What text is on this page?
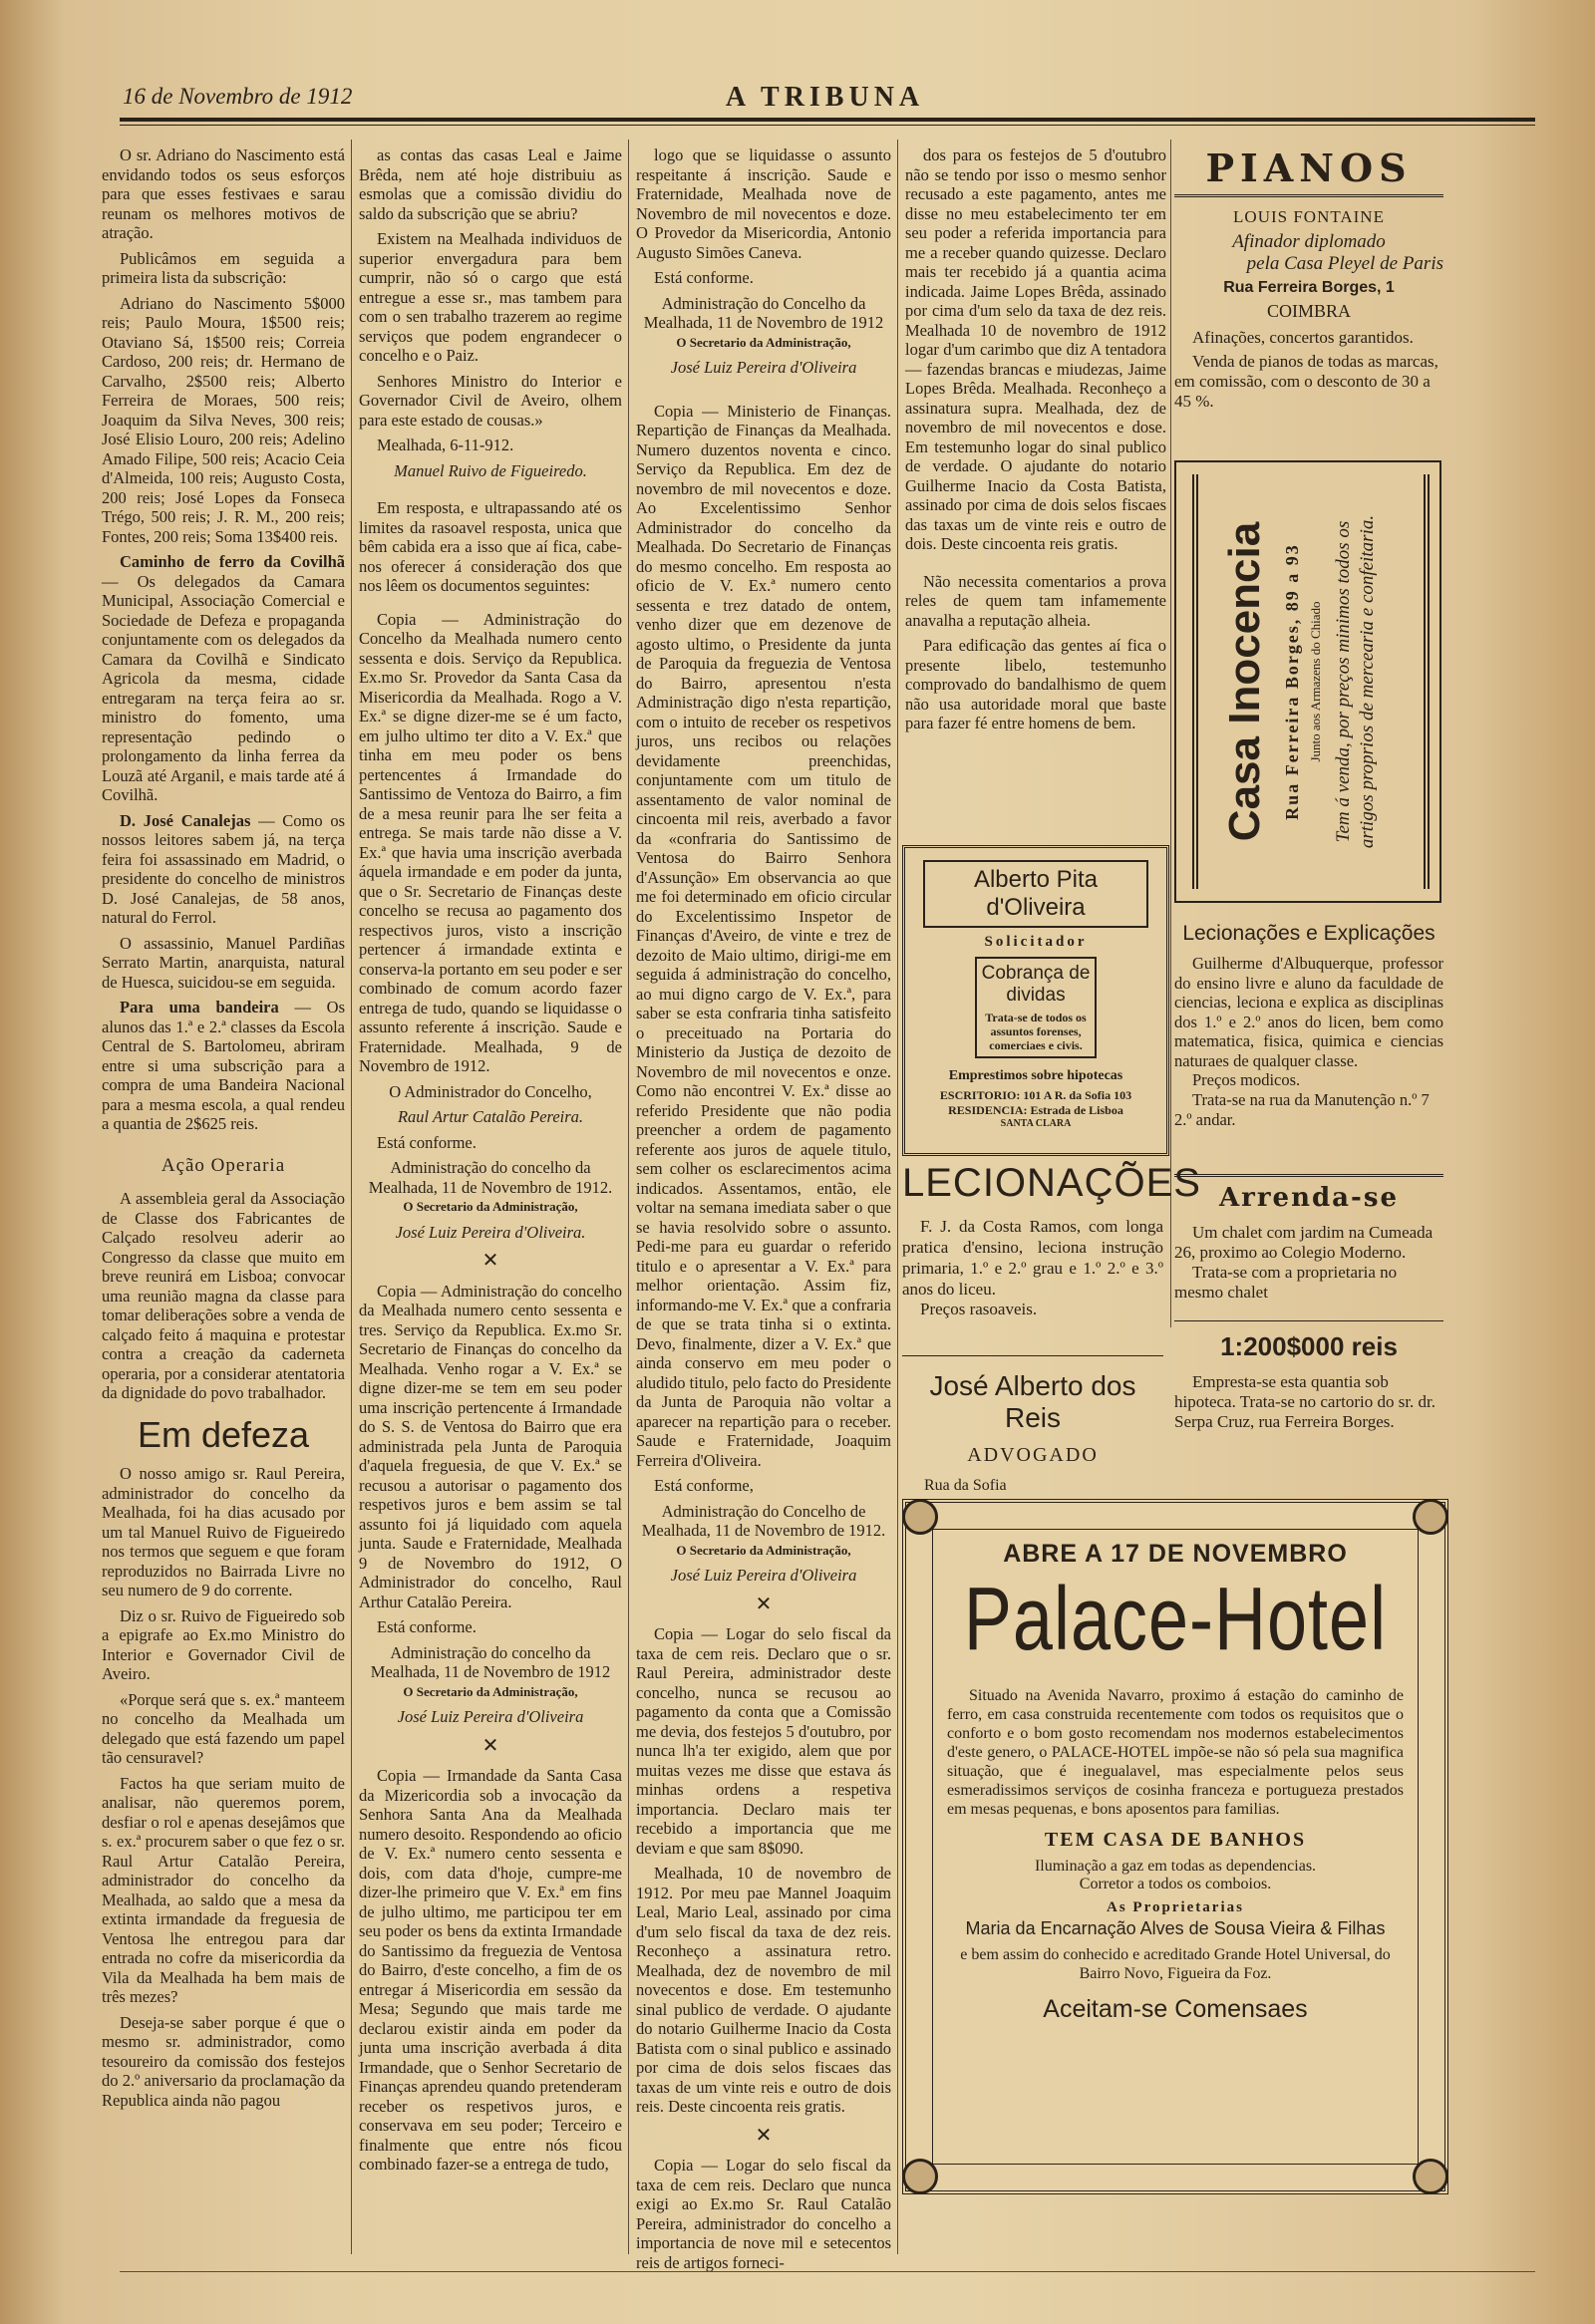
16 de Novembro de 1912	A TRIBUNA

O sr. Adriano do Nascimento está envidando todos os seus esforços para que esses festivaes e sarau reunam os melhores motivos de atração.

Publicâmos em seguida a primeira lista da subscrição:

Adriano do Nascimento 5$000 reis; Paulo Moura, 1$500 reis; Otaviano Sá, 1$500 reis; Correia Cardoso, 200 reis; dr. Hermano de Carvalho, 2$500 reis; Alberto Ferreira de Moraes, 500 reis; Joaquim da Silva Neves, 300 reis; José Elisio Louro, 200 reis; Adelino Amado Filipe, 500 reis; Acacio Ceia d'Almeida, 100 reis; Augusto Costa, 200 reis; José Lopes da Fonseca Trégo, 500 reis; J. R. M., 200 reis; Fontes, 200 reis; Soma 13$400 reis.

Caminho de ferro da Covilhã — Os delegados da Camara Municipal, Associação Comercial e Sociedade de Defeza e propaganda conjuntamente com os delegados da Camara da Covilhã e Sindicato Agricola da mesma, cidade entregaram na terça feira ao sr. ministro do fomento, uma representação pedindo o prolongamento da linha ferrea da Louzã até Arganil, e mais tarde até á Covilhã.

D. José Canalejas — Como os nossos leitores sabem já, na terça feira foi assassinado em Madrid, o presidente do concelho de ministros D. José Canalejas, de 58 anos, natural do Ferrol.

O assassinio, Manuel Pardiñas Serrato Martin, anarquista, natural de Huesca, suicidou-se em seguida.

Para uma bandeira — Os alunos das 1.ª e 2.ª classes da Escola Central de S. Bartolomeu, abriram entre si uma subscrição para a compra de uma Bandeira Nacional para a mesma escola, a qual rendeu a quantia de 2$625 reis.

Ação Operaria

A assembleia geral da Associação de Classe dos Fabricantes de Calçado resolveu aderir ao Congresso da classe que muito em breve reunirá em Lisboa; convocar uma reunião magna da classe para tomar deliberações sobre a venda de calçado feito á maquina e protestar contra a creação da caderneta operaria, por a considerar atentatoria da dignidade do povo trabalhador.

Em defeza

O nosso amigo sr. Raul Pereira, administrador do concelho da Mealhada, foi ha dias acusado por um tal Manuel Ruivo de Figueiredo nos termos que seguem e que foram reproduzidos no Bairrada Livre no seu numero de 9 do corrente.

Diz o sr. Ruivo de Figueiredo sob a epigrafe ao Ex.mo Ministro do Interior e Governador Civil de Aveiro.

«Porque será que s. ex.ª manteem no concelho da Mealhada um delegado que está fazendo um papel tão censuravel?

Factos ha que seriam muito de analisar, não queremos porem, desfiar o rol e apenas desejâmos que s. ex.ª procurem saber o que fez o sr. Raul Artur Catalão Pereira, administrador do concelho da Mealhada, ao saldo que a mesa da extinta irmandade da freguesia de Ventosa lhe entregou para dar entrada no cofre da misericordia da Vila da Mealhada ha bem mais de três mezes?

Deseja-se saber porque é que o mesmo sr. administrador, como tesoureiro da comissão dos festejos do 2.º aniversario da proclamação da Republica ainda não pagou

as contas das casas Leal e Jaime Brêda, nem até hoje distribuiu as esmolas que a comissão dividiu do saldo da subscrição que se abriu?

Existem na Mealhada individuos de superior envergadura para bem cumprir, não só o cargo que está entregue a esse sr., mas tambem para com o sen trabalho trazerem ao regime serviços que podem engrandecer o concelho e o Paiz.

Senhores Ministro do Interior e Governador Civil de Aveiro, olhem para este estado de cousas.»

Mealhada, 6-11-912.

Manuel Ruivo de Figueiredo.

Em resposta, e ultrapassando até os limites da rasoavel resposta, unica que bêm cabida era a isso que aí fica, cabe-nos oferecer á consideração dos que nos lêem os documentos seguintes:

Copia — Administração do Concelho da Mealhada numero cento sessenta e dois. Serviço da Republica. Ex.mo Sr. Provedor da Santa Casa da Misericordia da Mealhada. Rogo a V. Ex.ª se digne dizer-me se é um facto, em julho ultimo ter dito a V. Ex.ª que tinha em meu poder os bens pertencentes á Irmandade do Santissimo de Ventoza do Bairro, a fim de a mesa reunir para lhe ser feita a entrega. Se mais tarde não disse a V. Ex.ª que havia uma inscrição averbada áquela irmandade e em poder da junta, que o Sr. Secretario de Finanças deste concelho se recusa ao pagamento dos respectivos juros, visto a inscrição pertencer á irmandade extinta e conserva-la portanto em seu poder e ser combinado de comum acordo fazer entrega de tudo, quando se liquidasse o assunto referente á inscrição. Saude e Fraternidade. Mealhada, 9 de Novembro de 1912.

O Administrador do Concelho,

Raul Artur Catalão Pereira.

Está conforme.

Administração do concelho da Mealhada, 11 de Novembro de 1912.

O Secretario da Administração,

José Luiz Pereira d'Oliveira.

✕

Copia — Administração do concelho da Mealhada numero cento sessenta e tres. Serviço da Republica. Ex.mo Sr. Secretario de Finanças do concelho da Mealhada. Venho rogar a V. Ex.ª se digne dizer-me se tem em seu poder uma inscrição pertencente á Irmandade do S. S. de Ventosa do Bairro que era administrada pela Junta de Paroquia d'aquela freguesia, de que V. Ex.ª se recusou a autorisar o pagamento dos respetivos juros e bem assim se tal assunto foi já liquidado com aquela junta. Saude e Fraternidade, Mealhada 9 de Novembro do 1912, O Administrador do concelho, Raul Arthur Catalão Pereira.

Está conforme.

Administração do concelho da Mealhada, 11 de Novembro de 1912

O Secretario da Administração,

José Luiz Pereira d'Oliveira

✕

Copia — Irmandade da Santa Casa da Mizericordia sob a invocação da Senhora Santa Ana da Mealhada numero desoito. Respondendo ao oficio de V. Ex.ª numero cento sessenta e dois, com data d'hoje, cumpre-me dizer-lhe primeiro que V. Ex.ª em fins de julho ultimo, me participou ter em seu poder os bens da extinta Irmandade do Santissimo da freguezia de Ventosa do Bairro, d'este concelho, a fim de os entregar á Misericordia em sessão da Mesa; Segundo que mais tarde me declarou existir ainda em poder da junta uma inscrição averbada á dita Irmandade, que o Senhor Secretario de Finanças aprendeu quando pretenderam receber os respetivos juros, e conservava em seu poder; Terceiro e finalmente que entre nós ficou combinado fazer-se a entrega de tudo,

logo que se liquidasse o assunto respeitante á inscrição. Saude e Fraternidade, Mealhada nove de Novembro de mil novecentos e doze. O Provedor da Misericordia, Antonio Augusto Simões Caneva.

Está conforme.

Administração do Concelho da Mealhada, 11 de Novembro de 1912

O Secretario da Administração,

José Luiz Pereira d'Oliveira

Copia — Ministerio de Finanças. Repartição de Finanças da Mealhada. Numero duzentos noventa e cinco. Serviço da Republica. Em dez de novembro de mil novecentos e doze. Ao Excelentissimo Senhor Administrador do concelho da Mealhada. Do Secretario de Finanças do mesmo concelho. Em resposta ao oficio de V. Ex.ª numero cento sessenta e trez datado de ontem, venho dizer que em dezenove de agosto ultimo, o Presidente da junta de Paroquia da freguezia de Ventosa do Bairro, apresentou n'esta Administração digo n'esta repartição, com o intuito de receber os respetivos juros, uns recibos ou relações devidamente preenchidas, conjuntamente com um titulo de assentamento de valor nominal de cincoenta mil reis, averbado a favor da «confraria do Santissimo de Ventosa do Bairro Senhora d'Assunção» Em observancia ao que me foi determinado em oficio circular do Excelentissimo Inspetor de Finanças d'Aveiro, de vinte e trez de dezoito de Maio ultimo, dirigi-me em seguida á administração do concelho, ao mui digno cargo de V. Ex.ª, para saber se esta confraria tinha satisfeito o preceituado na Portaria do Ministerio da Justiça de dezoito de Novembro de mil novecentos e onze. Como não encontrei V. Ex.ª disse ao referido Presidente que não podia preencher a ordem de pagamento referente aos juros de aquele titulo, sem colher os esclarecimentos acima indicados. Assentamos, então, ele voltar na semana imediata saber o que se havia resolvido sobre o assunto. Pedi-me para eu guardar o referido titulo e o apresentar a V. Ex.ª para melhor orientação. Assim fiz, informando-me V. Ex.ª que a confraria de que se trata tinha si o extinta. Devo, finalmente, dizer a V. Ex.ª que ainda conservo em meu poder o aludido titulo, pelo facto do Presidente da Junta de Paroquia não voltar a aparecer na repartição para o receber. Saude e Fraternidade, Joaquim Ferreira d'Oliveira.

Está conforme,

Administração do Concelho de Mealhada, 11 de Novembro de 1912.

O Secretario da Administração,

José Luiz Pereira d'Oliveira

✕

Copia — Logar do selo fiscal da taxa de cem reis. Declaro que o sr. Raul Pereira, administrador deste concelho, nunca se recusou ao pagamento da conta que a Comissão me devia, dos festejos 5 d'outubro, por nunca lh'a ter exigido, alem que por muitas vezes me disse que estava ás minhas ordens a respetiva importancia. Declaro mais ter recebido a importancia que me deviam e que sam 8$090.

Mealhada, 10 de novembro de 1912. Por meu pae Mannel Joaquim Leal, Mario Leal, assinado por cima d'um selo fiscal da taxa de dez reis. Reconheço a assinatura retro. Mealhada, dez de novembro de mil novecentos e dose. Em testemunho sinal publico de verdade. O ajudante do notario Guilherme Inacio da Costa Batista com o sinal publico e assinado por cima de dois selos fiscaes das taxas de um vinte reis e outro de dois reis. Deste cincoenta reis gratis.

✕

Copia — Logar do selo fiscal da taxa de cem reis. Declaro que nunca exigi ao Ex.mo Sr. Raul Catalão Pereira, administrador do concelho a importancia de nove mil e setecentos reis de artigos forneci-

dos para os festejos de 5 d'outubro não se tendo por isso o mesmo senhor recusado a este pagamento, antes me disse no meu estabelecimento ter em seu poder a referida importancia para me a receber quando quizesse. Declaro mais ter recebido já a quantia acima indicada. Jaime Lopes Brêda, assinado por cima d'um selo da taxa de dez reis. Mealhada 10 de novembro de 1912 logar d'um carimbo que diz A tentadora — fazendas brancas e miudezas, Jaime Lopes Brêda. Mealhada. Reconheço a assinatura supra. Mealhada, dez de novembro de mil novecentos e dose. Em testemunho logar do sinal publico de verdade. O ajudante do notario Guilherme Inacio da Costa Batista, assinado por cima de dois selos fiscaes das taxas um de vinte reis e outro de dois. Deste cincoenta reis gratis.

Não necessita comentarios a prova reles de quem tam infamemente anavalha a reputação alheia.

Para edificação das gentes aí fica o presente libelo, testemunho comprovado do bandalhismo de quem não usa autoridade moral que baste para fazer fé entre homens de bem.

PIANOS
LOUIS FONTAINE
Afinador diplomado
pela Casa Pleyel de Paris
Rua Ferreira Borges, 1
COIMBRA
Afinações, concertos garantidos.
Venda de pianos de todas as marcas, em comissão, com o desconto de 30 a 45 %.
Casa Inocencia Rua Ferreira Borges, 89 a 93 Junto aos Armazens do Chiado Tem á venda, por preços minimos todos os artigos proprios de mercearia e confeitaria.
Lecionações e Explicações
Guilherme d'Albuquerque, professor do ensino livre e aluno da faculdade de ciencias, leciona e explica as disciplinas dos 1.º e 2.º anos do licen, bem como matematica, fisica, quimica e ciencias naturaes de qualquer classe.
Preços modicos.
Trata-se na rua da Manutenção n.º 7 2.º andar.
Arrenda-se
Um chalet com jardim na Cumeada 26, proximo ao Colegio Moderno.
Trata-se com a proprietaria no mesmo chalet
1:200$000 reis
Empresta-se esta quantia sob hipoteca. Trata-se no cartorio do sr. dr. Serpa Cruz, rua Ferreira Borges.
Alberto Pita d'Oliveira
Solicitador
Cobrança de dividas
Trata-se de todos os assuntos forenses, comerciaes e civis.
Emprestimos sobre hipotecas
ESCRITORIO: 101 A R. da Sofia 103
RESIDENCIA: Estrada de Lisboa
SANTA CLARA
LECIONAÇÕES
F. J. da Costa Ramos, com longa pratica d'ensino, leciona instrução primaria, 1.º e 2.º grau e 1.º 2.º e 3.º anos do liceu.
Preços rasoaveis.
José Alberto dos Reis
ADVOGADO
Rua da Sofia
ABRE A 17 DE NOVEMBRO
Palace-Hotel
Situado na Avenida Navarro, proximo á estação do caminho de ferro, em casa construida recentemente com todos os requisitos que o conforto e o bom gosto recomendam nos modernos estabelecimentos d'este genero, o PALACE-HOTEL impõe-se não só pela sua magnifica situação, que é inegualavel, mas especialmente pelos seus esmeradissimos serviços de cosinha franceza e portugueza prestados em mesas pequenas, e bons aposentos para familias.
TEM CASA DE BANHOS
Iluminação a gaz em todas as dependencias.
Corretor a todos os comboios.
As Proprietarias
Maria da Encarnação Alves de Sousa Vieira & Filhas
e bem assim do conhecido e acreditado Grande Hotel Universal, do Bairro Novo, Figueira da Foz.
Aceitam-se Comensaes
